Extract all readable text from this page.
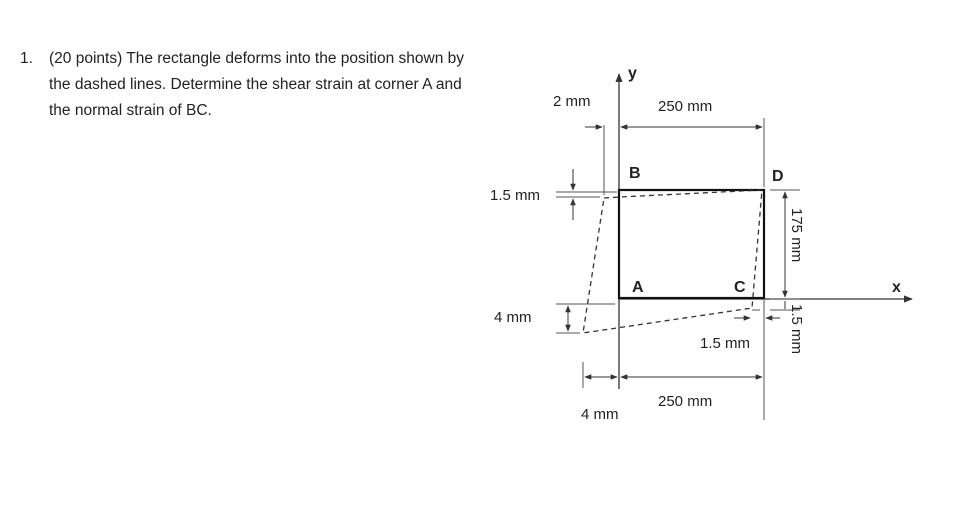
1. (20 points) The rectangle deforms into the position shown by the dashed lines. Determine the shear strain at corner A and the normal strain of BC.
y
x
B	D
A	C
250 mm
250 mm
2 mm
1.5 mm
4 mm
4 mm
1.5 mm
175 mm
1.5 mm
